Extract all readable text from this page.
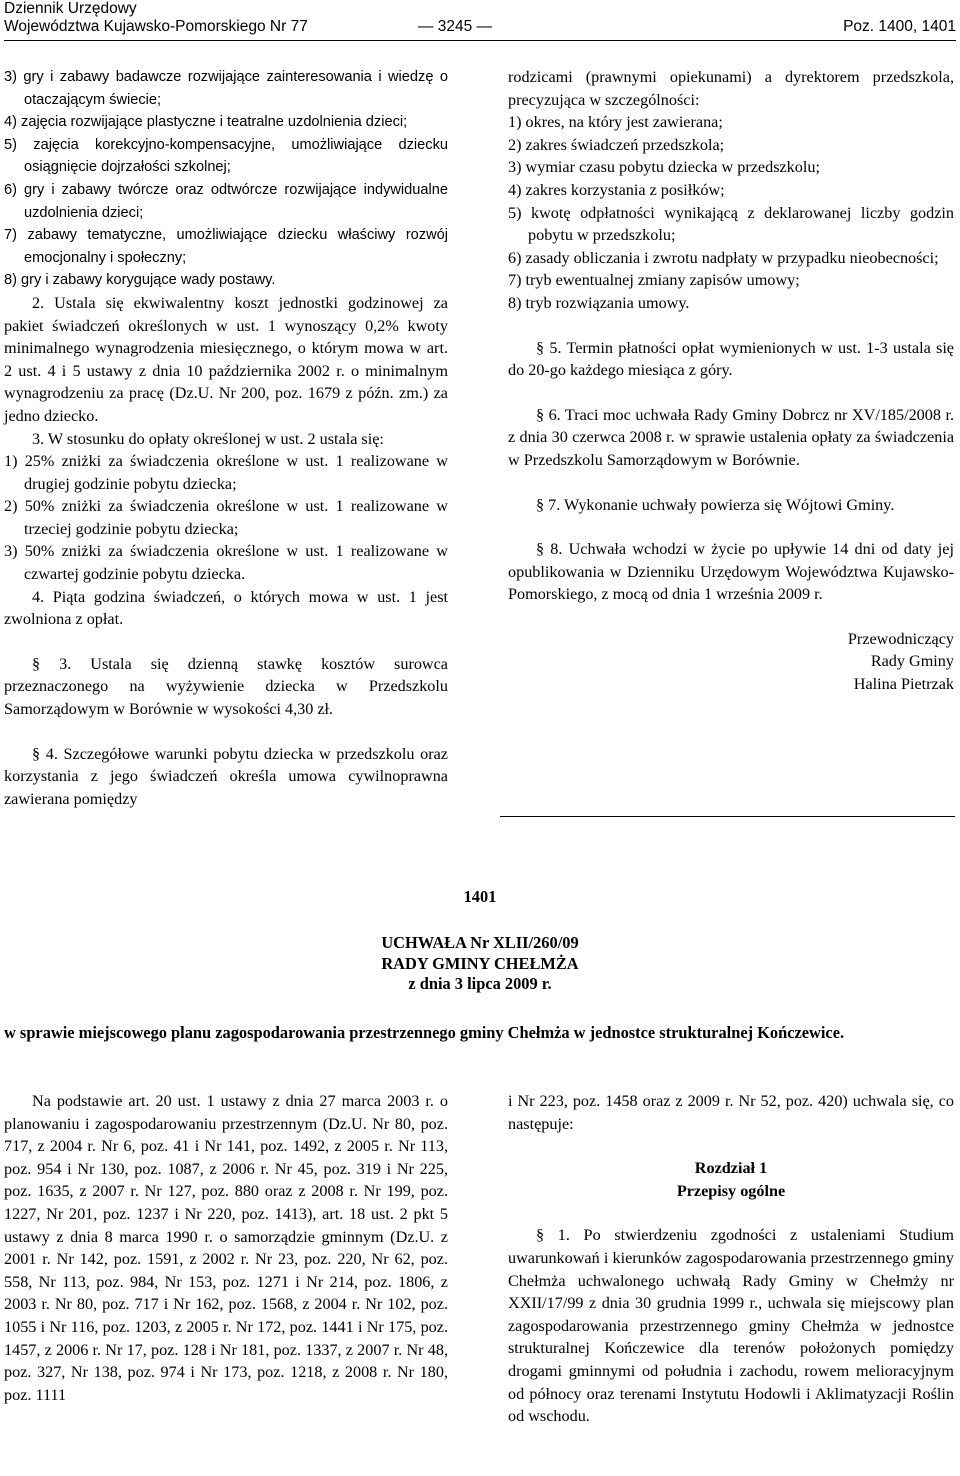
Dziennik Urzędowy
Województwa Kujawsko-Pomorskiego Nr 77	Poz. 1400, 1401
— 3245 —

3) gry i zabawy badawcze rozwijające zainteresowania i wiedzę o otaczającym świecie;

4) zajęcia rozwijające plastyczne i teatralne uzdolnienia dzieci;

5) zajęcia korekcyjno-kompensacyjne, umożliwiające dziecku osiągnięcie dojrzałości szkolnej;

6) gry i zabawy twórcze oraz odtwórcze rozwijające indywidualne uzdolnienia dzieci;

7) zabawy tematyczne, umożliwiające dziecku właściwy rozwój emocjonalny i społeczny;

8) gry i zabawy korygujące wady postawy.

2. Ustala się ekwiwalentny koszt jednostki godzinowej za pakiet świadczeń określonych w ust. 1 wynoszący 0,2% kwoty minimalnego wynagrodzenia miesięcznego, o którym mowa w art. 2 ust. 4 i 5 ustawy z dnia 10 października 2002 r. o minimalnym wynagrodzeniu za pracę (Dz.U. Nr 200, poz. 1679 z późn. zm.) za jedno dziecko.

3. W stosunku do opłaty określonej w ust. 2 ustala się:

1) 25% zniżki za świadczenia określone w ust. 1 realizowane w drugiej godzinie pobytu dziecka;

2) 50% zniżki za świadczenia określone w ust. 1 realizowane w trzeciej godzinie pobytu dziecka;

3) 50% zniżki za świadczenia określone w ust. 1 realizowane w czwartej godzinie pobytu dziecka.

4. Piąta godzina świadczeń, o których mowa w ust. 1 jest zwolniona z opłat.

§ 3. Ustala się dzienną stawkę kosztów surowca przeznaczonego na wyżywienie dziecka w Przedszkolu Samorządowym w Borównie w wysokości 4,30 zł.

§ 4. Szczegółowe warunki pobytu dziecka w przedszkolu oraz korzystania z jego świadczeń określa umowa cywilnoprawna zawierana pomiędzy

rodzicami (prawnymi opiekunami) a dyrektorem przedszkola, precyzująca w szczególności:

1) okres, na który jest zawierana;

2) zakres świadczeń przedszkola;

3) wymiar czasu pobytu dziecka w przedszkolu;

4) zakres korzystania z posiłków;

5) kwotę odpłatności wynikającą z deklarowanej liczby godzin pobytu w przedszkolu;

6) zasady obliczania i zwrotu nadpłaty w przypadku nieobecności;

7) tryb ewentualnej zmiany zapisów umowy;

8) tryb rozwiązania umowy.

§ 5. Termin płatności opłat wymienionych w ust. 1-3 ustala się do 20-go każdego miesiąca z góry.

§ 6. Traci moc uchwała Rady Gminy Dobrcz nr XV/185/2008 r. z dnia 30 czerwca 2008 r. w sprawie ustalenia opłaty za świadczenia w Przedszkolu Samorządowym w Borównie.

§ 7. Wykonanie uchwały powierza się Wójtowi Gminy.

§ 8. Uchwała wchodzi w życie po upływie 14 dni od daty jej opublikowania w Dzienniku Urzędowym Województwa Kujawsko-Pomorskiego, z mocą od dnia 1 września 2009 r.

Przewodniczący
Rady Gminy
Halina Pietrzak
1401
UCHWAŁA Nr XLII/260/09
RADY GMINY CHEŁMŻA
z dnia 3 lipca 2009 r.
w sprawie miejscowego planu zagospodarowania przestrzennego gminy Chełmża w jednostce strukturalnej Kończewice.

Na podstawie art. 20 ust. 1 ustawy z dnia 27 marca 2003 r. o planowaniu i zagospodarowaniu przestrzennym (Dz.U. Nr 80, poz. 717, z 2004 r. Nr 6, poz. 41 i Nr 141, poz. 1492, z 2005 r. Nr 113, poz. 954 i Nr 130, poz. 1087, z 2006 r. Nr 45, poz. 319 i Nr 225, poz. 1635, z 2007 r. Nr 127, poz. 880 oraz z 2008 r. Nr 199, poz. 1227, Nr 201, poz. 1237 i Nr 220, poz. 1413), art. 18 ust. 2 pkt 5 ustawy z dnia 8 marca 1990 r. o samorządzie gminnym (Dz.U. z 2001 r. Nr 142, poz. 1591, z 2002 r. Nr 23, poz. 220, Nr 62, poz. 558, Nr 113, poz. 984, Nr 153, poz. 1271 i Nr 214, poz. 1806, z 2003 r. Nr 80, poz. 717 i Nr 162, poz. 1568, z 2004 r. Nr 102, poz. 1055 i Nr 116, poz. 1203, z 2005 r. Nr 172, poz. 1441 i Nr 175, poz. 1457, z 2006 r. Nr 17, poz. 128 i Nr 181, poz. 1337, z 2007 r. Nr 48, poz. 327, Nr 138, poz. 974 i Nr 173, poz. 1218, z 2008 r. Nr 180, poz. 1111

i Nr 223, poz. 1458 oraz z 2009 r. Nr 52, poz. 420) uchwala się, co następuje:

Rozdział 1

Przepisy ogólne

§ 1. Po stwierdzeniu zgodności z ustaleniami Studium uwarunkowań i kierunków zagospodarowania przestrzennego gminy Chełmża uchwalonego uchwałą Rady Gminy w Chełmży nr XXII/17/99 z dnia 30 grudnia 1999 r., uchwala się miejscowy plan zagospodarowania przestrzennego gminy Chełmża w jednostce strukturalnej Kończewice dla terenów położonych pomiędzy drogami gminnymi od południa i zachodu, rowem melioracyjnym od północy oraz terenami Instytutu Hodowli i Aklimatyzacji Roślin od wschodu.
